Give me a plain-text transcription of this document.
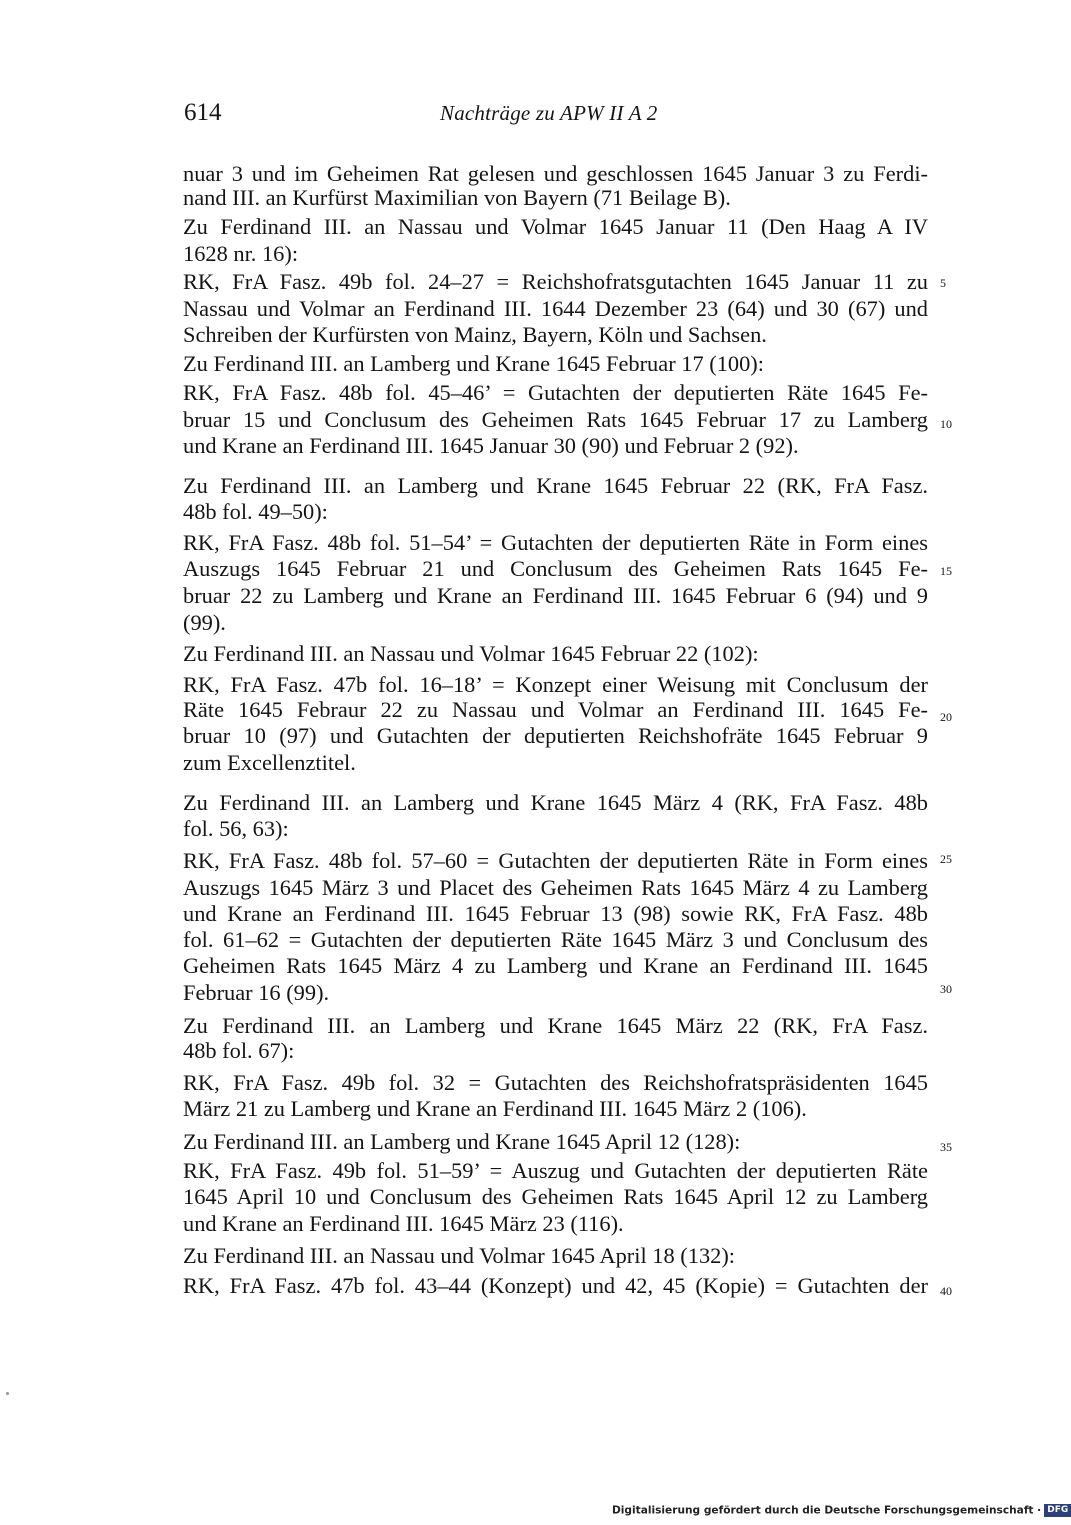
614	Nachträge zu APW II A 2
nuar 3 und im Geheimen Rat gelesen und geschlossen 1645 Januar 3 zu Ferdi-
nand III. an Kurfürst Maximilian von Bayern (71 Beilage B).
Zu Ferdinand III. an Nassau und Volmar 1645 Januar 11 (Den Haag A IV
1628 nr. 16):
RK, FrA Fasz. 49b fol. 24–27 = Reichshofratsgutachten 1645 Januar 11 zu
Nassau und Volmar an Ferdinand III. 1644 Dezember 23 (64) und 30 (67) und
Schreiben der Kurfürsten von Mainz, Bayern, Köln und Sachsen.
Zu Ferdinand III. an Lamberg und Krane 1645 Februar 17 (100):
RK, FrA Fasz. 48b fol. 45–46’ = Gutachten der deputierten Räte 1645 Fe-
bruar 15 und Conclusum des Geheimen Rats 1645 Februar 17 zu Lamberg
und Krane an Ferdinand III. 1645 Januar 30 (90) und Februar 2 (92).
Zu Ferdinand III. an Lamberg und Krane 1645 Februar 22 (RK, FrA Fasz.
48b fol. 49–50):
RK, FrA Fasz. 48b fol. 51–54’ = Gutachten der deputierten Räte in Form eines
Auszugs 1645 Februar 21 und Conclusum des Geheimen Rats 1645 Fe-
bruar 22 zu Lamberg und Krane an Ferdinand III. 1645 Februar 6 (94) und 9
(99).
Zu Ferdinand III. an Nassau und Volmar 1645 Februar 22 (102):
RK, FrA Fasz. 47b fol. 16–18’ = Konzept einer Weisung mit Conclusum der
Räte 1645 Febraur 22 zu Nassau und Volmar an Ferdinand III. 1645 Fe-
bruar 10 (97) und Gutachten der deputierten Reichshofräte 1645 Februar 9
zum Excellenztitel.
Zu Ferdinand III. an Lamberg und Krane 1645 März 4 (RK, FrA Fasz. 48b
fol. 56, 63):
RK, FrA Fasz. 48b fol. 57–60 = Gutachten der deputierten Räte in Form eines
Auszugs 1645 März 3 und Placet des Geheimen Rats 1645 März 4 zu Lamberg
und Krane an Ferdinand III. 1645 Februar 13 (98) sowie RK, FrA Fasz. 48b
fol. 61–62 = Gutachten der deputierten Räte 1645 März 3 und Conclusum des
Geheimen Rats 1645 März 4 zu Lamberg und Krane an Ferdinand III. 1645
Februar 16 (99).
Zu Ferdinand III. an Lamberg und Krane 1645 März 22 (RK, FrA Fasz.
48b fol. 67):
RK, FrA Fasz. 49b fol. 32 = Gutachten des Reichshofratspräsidenten 1645
März 21 zu Lamberg und Krane an Ferdinand III. 1645 März 2 (106).
Zu Ferdinand III. an Lamberg und Krane 1645 April 12 (128):
RK, FrA Fasz. 49b fol. 51–59’ = Auszug und Gutachten der deputierten Räte
1645 April 10 und Conclusum des Geheimen Rats 1645 April 12 zu Lamberg
und Krane an Ferdinand III. 1645 März 23 (116).
Zu Ferdinand III. an Nassau und Volmar 1645 April 18 (132):
RK, FrA Fasz. 47b fol. 43–44 (Konzept) und 42, 45 (Kopie) = Gutachten der
5
10
15
20
25
30
35
40
Digitalisierung gefördert durch die Deutsche Forschungsgemeinschaft · DFG
